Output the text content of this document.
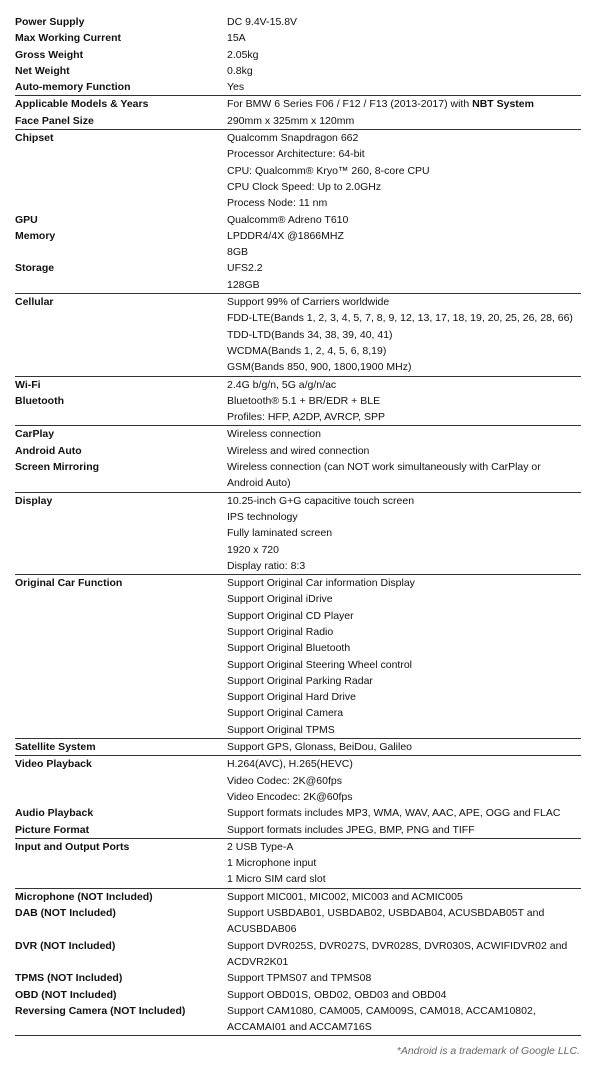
Power Supply	DC 9.4V-15.8V
Max Working Current	15A
Gross Weight	2.05kg
Net Weight	0.8kg
Auto-memory Function	Yes
Applicable Models & Years	For BMW 6 Series F06 / F12 / F13 (2013-2017) with NBT System
Face Panel Size	290mm x 325mm x 120mm
Chipset	Qualcomm Snapdragon 662
Processor Architecture: 64-bit
CPU: Qualcomm® Kryo™ 260, 8-core CPU
CPU Clock Speed: Up to 2.0GHz
Process Node: 11 nm
GPU	Qualcomm® Adreno T610
Memory	LPDDR4/4X @1866MHZ
8GB
Storage	UFS2.2
128GB
Cellular	Support 99% of Carriers worldwide
FDD-LTE(Bands 1, 2, 3, 4, 5, 7, 8, 9, 12, 13, 17, 18, 19, 20, 25, 26, 28, 66)
TDD-LTD(Bands 34, 38, 39, 40, 41)
WCDMA(Bands 1, 2, 4, 5, 6, 8,19)
GSM(Bands 850, 900, 1800,1900 MHz)
Wi-Fi	2.4G b/g/n, 5G a/g/n/ac
Bluetooth	Bluetooth® 5.1 + BR/EDR + BLE
Profiles: HFP, A2DP, AVRCP, SPP
CarPlay	Wireless connection
Android Auto	Wireless and wired connection
Screen Mirroring	Wireless connection (can NOT work simultaneously with CarPlay or
Android Auto)
Display	10.25-inch G+G capacitive touch screen
IPS technology
Fully laminated screen
1920 x 720
Display ratio: 8:3
Original Car Function	Support Original Car information Display
Support Original iDrive
Support Original CD Player
Support Original Radio
Support Original Bluetooth
Support Original Steering Wheel control
Support Original Parking Radar
Support Original Hard Drive
Support Original Camera
Support Original TPMS
Satellite System	Support GPS, Glonass, BeiDou, Galileo
Video Playback	H.264(AVC), H.265(HEVC)
Video Codec: 2K@60fps
Video Encodec: 2K@60fps
Audio Playback	Support formats includes MP3, WMA, WAV, AAC, APE, OGG and FLAC
Picture Format	Support formats includes JPEG, BMP, PNG and TIFF
Input and Output Ports	2 USB Type-A
1 Microphone input
1 Micro SIM card slot
Microphone (NOT Included)	Support MIC001, MIC002, MIC003 and ACMIC005
DAB (NOT Included)	Support USBDAB01, USBDAB02, USBDAB04, ACUSBDAB05T and
ACUSBDAB06
DVR (NOT Included)	Support DVR025S, DVR027S, DVR028S, DVR030S, ACWIFIDVR02 and
ACDVR2K01
TPMS (NOT Included)	Support TPMS07 and TPMS08
OBD (NOT Included)	Support OBD01S, OBD02, OBD03 and OBD04
Reversing Camera (NOT Included)	Support CAM1080, CAM005, CAM009S, CAM018, ACCAM10802,
ACCAMAI01 and ACCAM716S
*Android is a trademark of Google LLC.
